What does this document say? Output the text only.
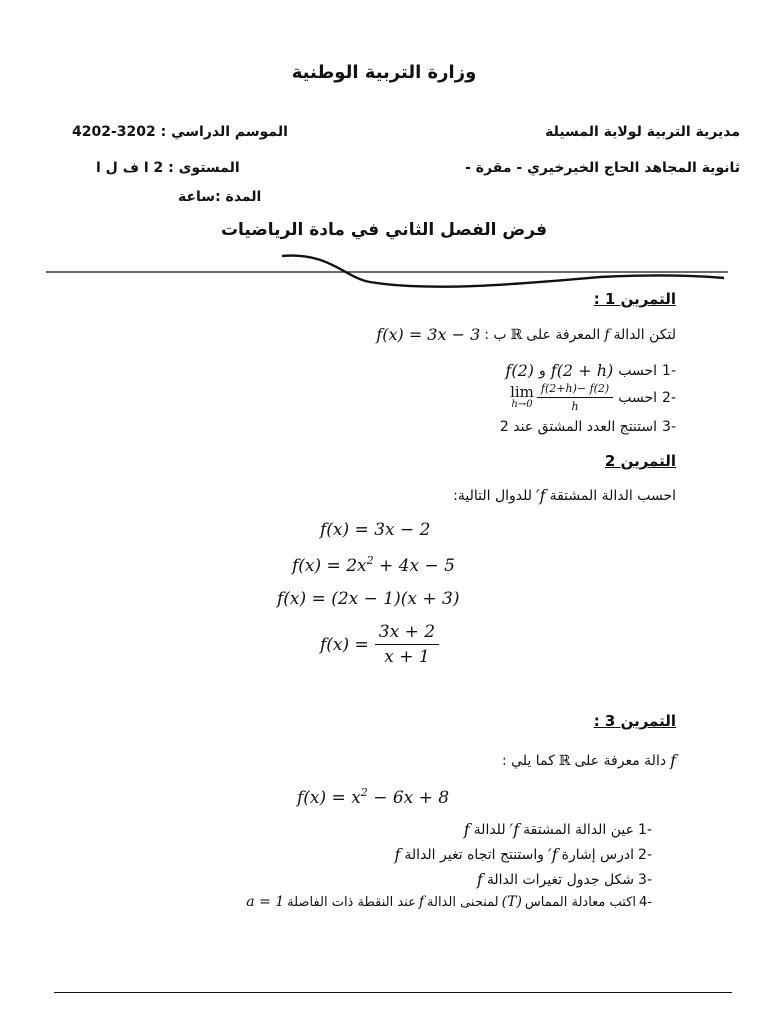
وزارة التربية الوطنية
مديرية التربية لولاية المسيلة
الموسم الدراسي : 3202-4202
ثانوية المجاهد الحاج الخيرخيري - مقرة -
المستوى : 2 ا ف ل ا
المدة :ساعة
فرض الفصل الثاني في مادة الرياضيات
التمرين 1 :
لتكن الدالة
f
المعرفة على
ℝ
ب :
f(x) = 3x − 3
-1
احسب
f(2 + h)
و
f(2)
-2
احسب
lim
$h\to 0 \frac{f(2+h)- f(2)}{h}$
-3
استنتج العدد المشتق عند 2
التمرين 2
احسب الدالة المشتقة
f′
للدوال التالية:
f(x) = 3x − 2
$f(x) = 2x^2 + 4x - 5$
f(x) = (2x − 1)(x + 3)
$f(x) = \frac{3x + 2}{x + 1}$
التمرين 3 :
f
دالة معرفة على
ℝ
كما يلي :
$f(x) = x^2 - 6x + 8$
-1
عين الدالة المشتقة
f′
للدالة
f
-2
ادرس إشارة
f′
واستنتج اتجاه تغير الدالة
f
-3
شكل جدول تغيرات الدالة
f
-4
اكتب معادلة المماس
(T)
لمنحنى الدالة
f
عند النقطة ذات الفاصلة
a = 1
